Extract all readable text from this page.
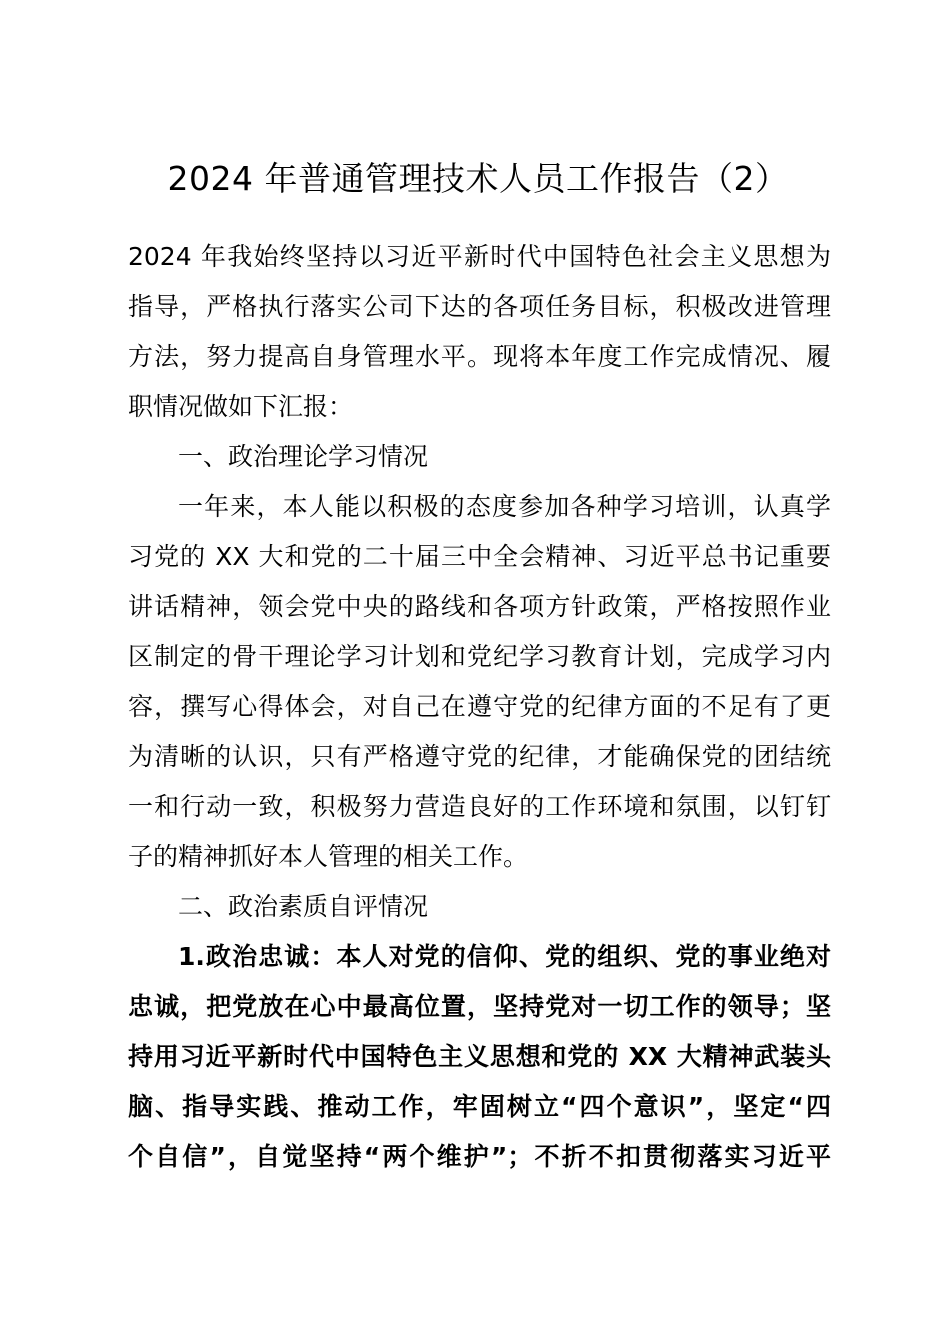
2024 年普通管理技术人员工作报告（2）
2024 年我始终坚持以习近平新时代中国特色社会主义思想为
指导，严格执行落实公司下达的各项任务目标，积极改进管理
方法，努力提高自身管理水平。现将本年度工作完成情况、履
职情况做如下汇报：
一、政治理论学习情况
一年来，本人能以积极的态度参加各种学习培训，认真学
习党的 XX 大和党的二十届三中全会精神、习近平总书记重要
讲话精神，领会党中央的路线和各项方针政策，严格按照作业
区制定的骨干理论学习计划和党纪学习教育计划，完成学习内
容，撰写心得体会，对自己在遵守党的纪律方面的不足有了更
为清晰的认识，只有严格遵守党的纪律，才能确保党的团结统
一和行动一致，积极努力营造良好的工作环境和氛围，以钉钉
子的精神抓好本人管理的相关工作。
二、政治素质自评情况
1.政治忠诚：本人对党的信仰、党的组织、党的事业绝对
忠诚，把党放在心中最高位置，坚持党对一切工作的领导；坚
持用习近平新时代中国特色主义思想和党的 XX 大精神武装头
脑、指导实践、推动工作，牢固树立“四个意识”，坚定“四
个自信”，自觉坚持“两个维护”；不折不扣贯彻落实习近平
